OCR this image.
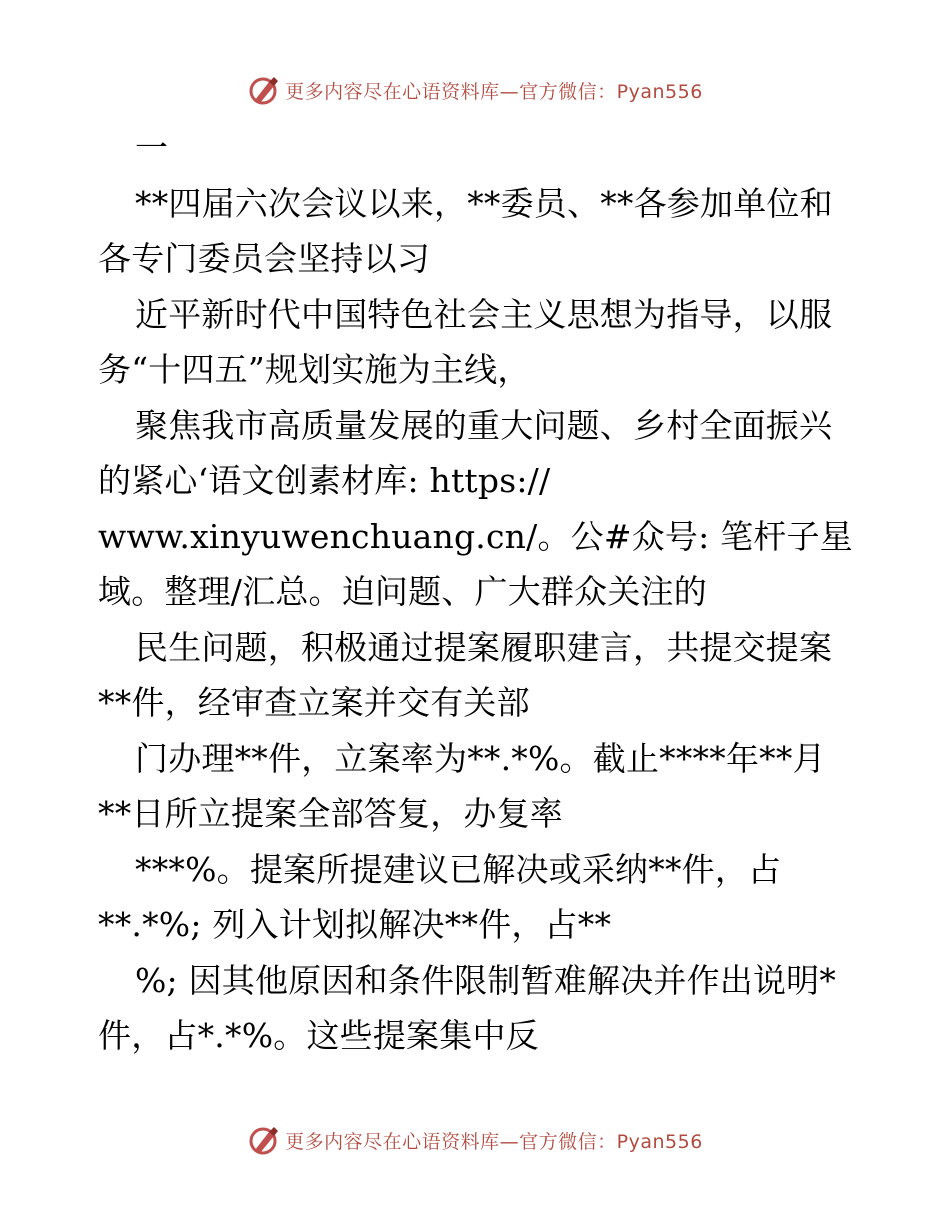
更多内容尽在心语资料库—官方微信：Pyan556
一
**四届六次会议以来，**委员、**各参加单位和
各专门委员会坚持以习
近平新时代中国特色社会主义思想为指导，以服
务“十四五”规划实施为主线，
聚焦我市高质量发展的重大问题、乡村全面振兴
的紧心‘语文创素材库: https://
www.xinyuwenchuang.cn/。公#众号: 笔杆子星
域。整理/汇总。迫问题、广大群众关注的
民生问题，积极通过提案履职建言，共提交提案
**件，经审查立案并交有关部
门办理**件，立案率为**.*%。截止****年**月
**日所立提案全部答复，办复率
***%。提案所提建议已解决或采纳**件，占
**.*%; 列入计划拟解决**件，占**
%; 因其他原因和条件限制暂难解决并作出说明*
件，占*.*%。这些提案集中反
更多内容尽在心语资料库—官方微信：Pyan556
